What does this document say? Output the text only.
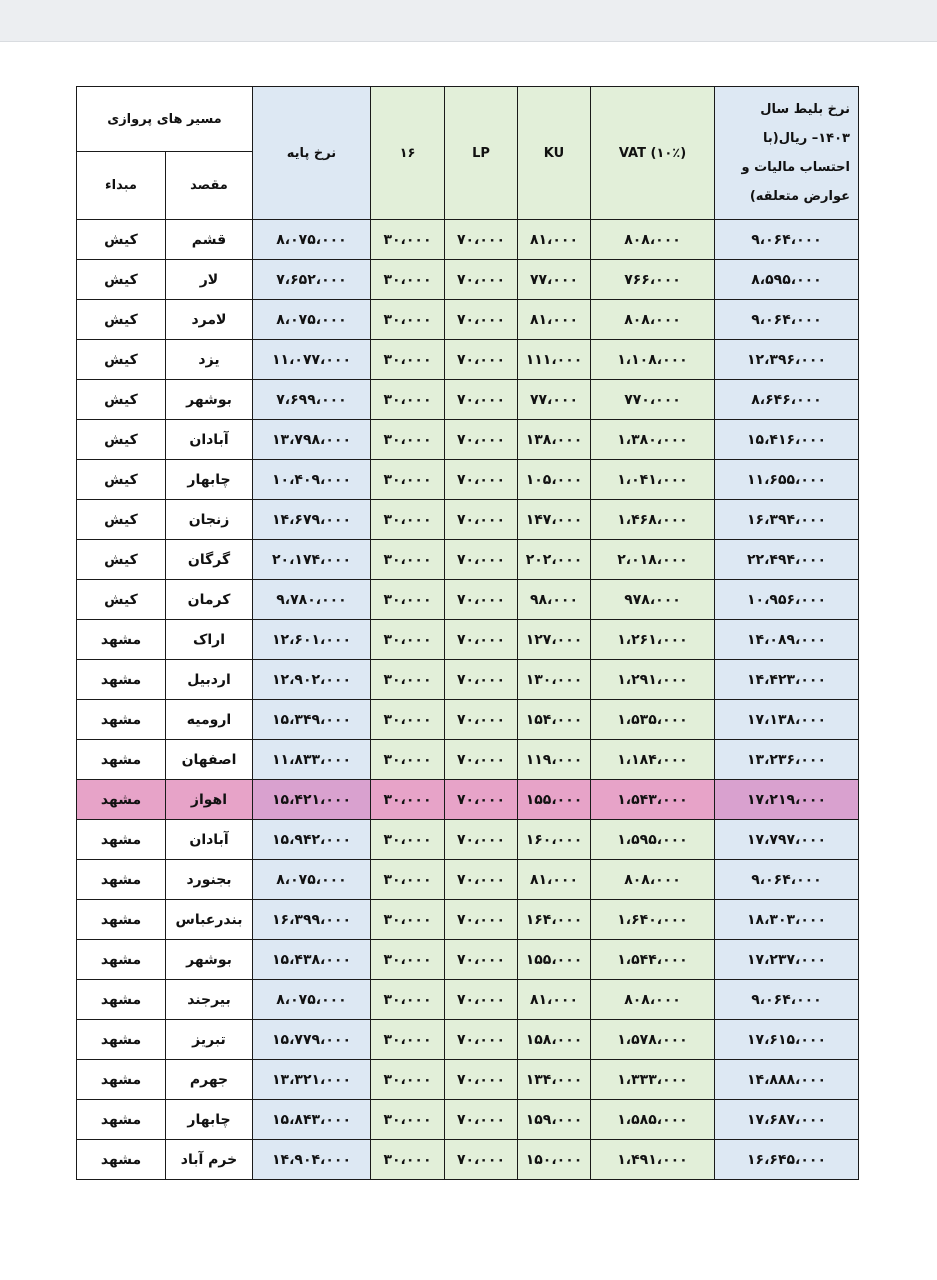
مسیر های پروازی		نرخ پایه	۱۶	LP	KU	VAT (۱۰٪)	نرخ بلیط سال ۱۴۰۳– ریال(با احتساب مالیات و عوارض متعلقه)
مبداء	مقصد						
کیش	قشم	۸،۰۷۵،۰۰۰	۳۰،۰۰۰	۷۰،۰۰۰	۸۱،۰۰۰	۸۰۸،۰۰۰	۹،۰۶۴،۰۰۰
کیش	لار	۷،۶۵۲،۰۰۰	۳۰،۰۰۰	۷۰،۰۰۰	۷۷،۰۰۰	۷۶۶،۰۰۰	۸،۵۹۵،۰۰۰
کیش	لامرد	۸،۰۷۵،۰۰۰	۳۰،۰۰۰	۷۰،۰۰۰	۸۱،۰۰۰	۸۰۸،۰۰۰	۹،۰۶۴،۰۰۰
کیش	یزد	۱۱،۰۷۷،۰۰۰	۳۰،۰۰۰	۷۰،۰۰۰	۱۱۱،۰۰۰	۱،۱۰۸،۰۰۰	۱۲،۳۹۶،۰۰۰
کیش	بوشهر	۷،۶۹۹،۰۰۰	۳۰،۰۰۰	۷۰،۰۰۰	۷۷،۰۰۰	۷۷۰،۰۰۰	۸،۶۴۶،۰۰۰
کیش	آبادان	۱۳،۷۹۸،۰۰۰	۳۰،۰۰۰	۷۰،۰۰۰	۱۳۸،۰۰۰	۱،۳۸۰،۰۰۰	۱۵،۴۱۶،۰۰۰
کیش	چابهار	۱۰،۴۰۹،۰۰۰	۳۰،۰۰۰	۷۰،۰۰۰	۱۰۵،۰۰۰	۱،۰۴۱،۰۰۰	۱۱،۶۵۵،۰۰۰
کیش	زنجان	۱۴،۶۷۹،۰۰۰	۳۰،۰۰۰	۷۰،۰۰۰	۱۴۷،۰۰۰	۱،۴۶۸،۰۰۰	۱۶،۳۹۴،۰۰۰
کیش	گرگان	۲۰،۱۷۴،۰۰۰	۳۰،۰۰۰	۷۰،۰۰۰	۲۰۲،۰۰۰	۲،۰۱۸،۰۰۰	۲۲،۴۹۴،۰۰۰
کیش	کرمان	۹،۷۸۰،۰۰۰	۳۰،۰۰۰	۷۰،۰۰۰	۹۸،۰۰۰	۹۷۸،۰۰۰	۱۰،۹۵۶،۰۰۰
مشهد	اراک	۱۲،۶۰۱،۰۰۰	۳۰،۰۰۰	۷۰،۰۰۰	۱۲۷،۰۰۰	۱،۲۶۱،۰۰۰	۱۴،۰۸۹،۰۰۰
مشهد	اردبیل	۱۲،۹۰۲،۰۰۰	۳۰،۰۰۰	۷۰،۰۰۰	۱۳۰،۰۰۰	۱،۲۹۱،۰۰۰	۱۴،۴۲۳،۰۰۰
مشهد	ارومیه	۱۵،۳۴۹،۰۰۰	۳۰،۰۰۰	۷۰،۰۰۰	۱۵۴،۰۰۰	۱،۵۳۵،۰۰۰	۱۷،۱۳۸،۰۰۰
مشهد	اصفهان	۱۱،۸۳۳،۰۰۰	۳۰،۰۰۰	۷۰،۰۰۰	۱۱۹،۰۰۰	۱،۱۸۴،۰۰۰	۱۳،۲۳۶،۰۰۰
مشهد	اهواز	۱۵،۴۲۱،۰۰۰	۳۰،۰۰۰	۷۰،۰۰۰	۱۵۵،۰۰۰	۱،۵۴۳،۰۰۰	۱۷،۲۱۹،۰۰۰
مشهد	آبادان	۱۵،۹۴۲،۰۰۰	۳۰،۰۰۰	۷۰،۰۰۰	۱۶۰،۰۰۰	۱،۵۹۵،۰۰۰	۱۷،۷۹۷،۰۰۰
مشهد	بجنورد	۸،۰۷۵،۰۰۰	۳۰،۰۰۰	۷۰،۰۰۰	۸۱،۰۰۰	۸۰۸،۰۰۰	۹،۰۶۴،۰۰۰
مشهد	بندرعباس	۱۶،۳۹۹،۰۰۰	۳۰،۰۰۰	۷۰،۰۰۰	۱۶۴،۰۰۰	۱،۶۴۰،۰۰۰	۱۸،۳۰۳،۰۰۰
مشهد	بوشهر	۱۵،۴۳۸،۰۰۰	۳۰،۰۰۰	۷۰،۰۰۰	۱۵۵،۰۰۰	۱،۵۴۴،۰۰۰	۱۷،۲۳۷،۰۰۰
مشهد	بیرجند	۸،۰۷۵،۰۰۰	۳۰،۰۰۰	۷۰،۰۰۰	۸۱،۰۰۰	۸۰۸،۰۰۰	۹،۰۶۴،۰۰۰
مشهد	تبریز	۱۵،۷۷۹،۰۰۰	۳۰،۰۰۰	۷۰،۰۰۰	۱۵۸،۰۰۰	۱،۵۷۸،۰۰۰	۱۷،۶۱۵،۰۰۰
مشهد	جهرم	۱۳،۳۲۱،۰۰۰	۳۰،۰۰۰	۷۰،۰۰۰	۱۳۴،۰۰۰	۱،۳۳۳،۰۰۰	۱۴،۸۸۸،۰۰۰
مشهد	چابهار	۱۵،۸۴۳،۰۰۰	۳۰،۰۰۰	۷۰،۰۰۰	۱۵۹،۰۰۰	۱،۵۸۵،۰۰۰	۱۷،۶۸۷،۰۰۰
مشهد	خرم آباد	۱۴،۹۰۴،۰۰۰	۳۰،۰۰۰	۷۰،۰۰۰	۱۵۰،۰۰۰	۱،۴۹۱،۰۰۰	۱۶،۶۴۵،۰۰۰
